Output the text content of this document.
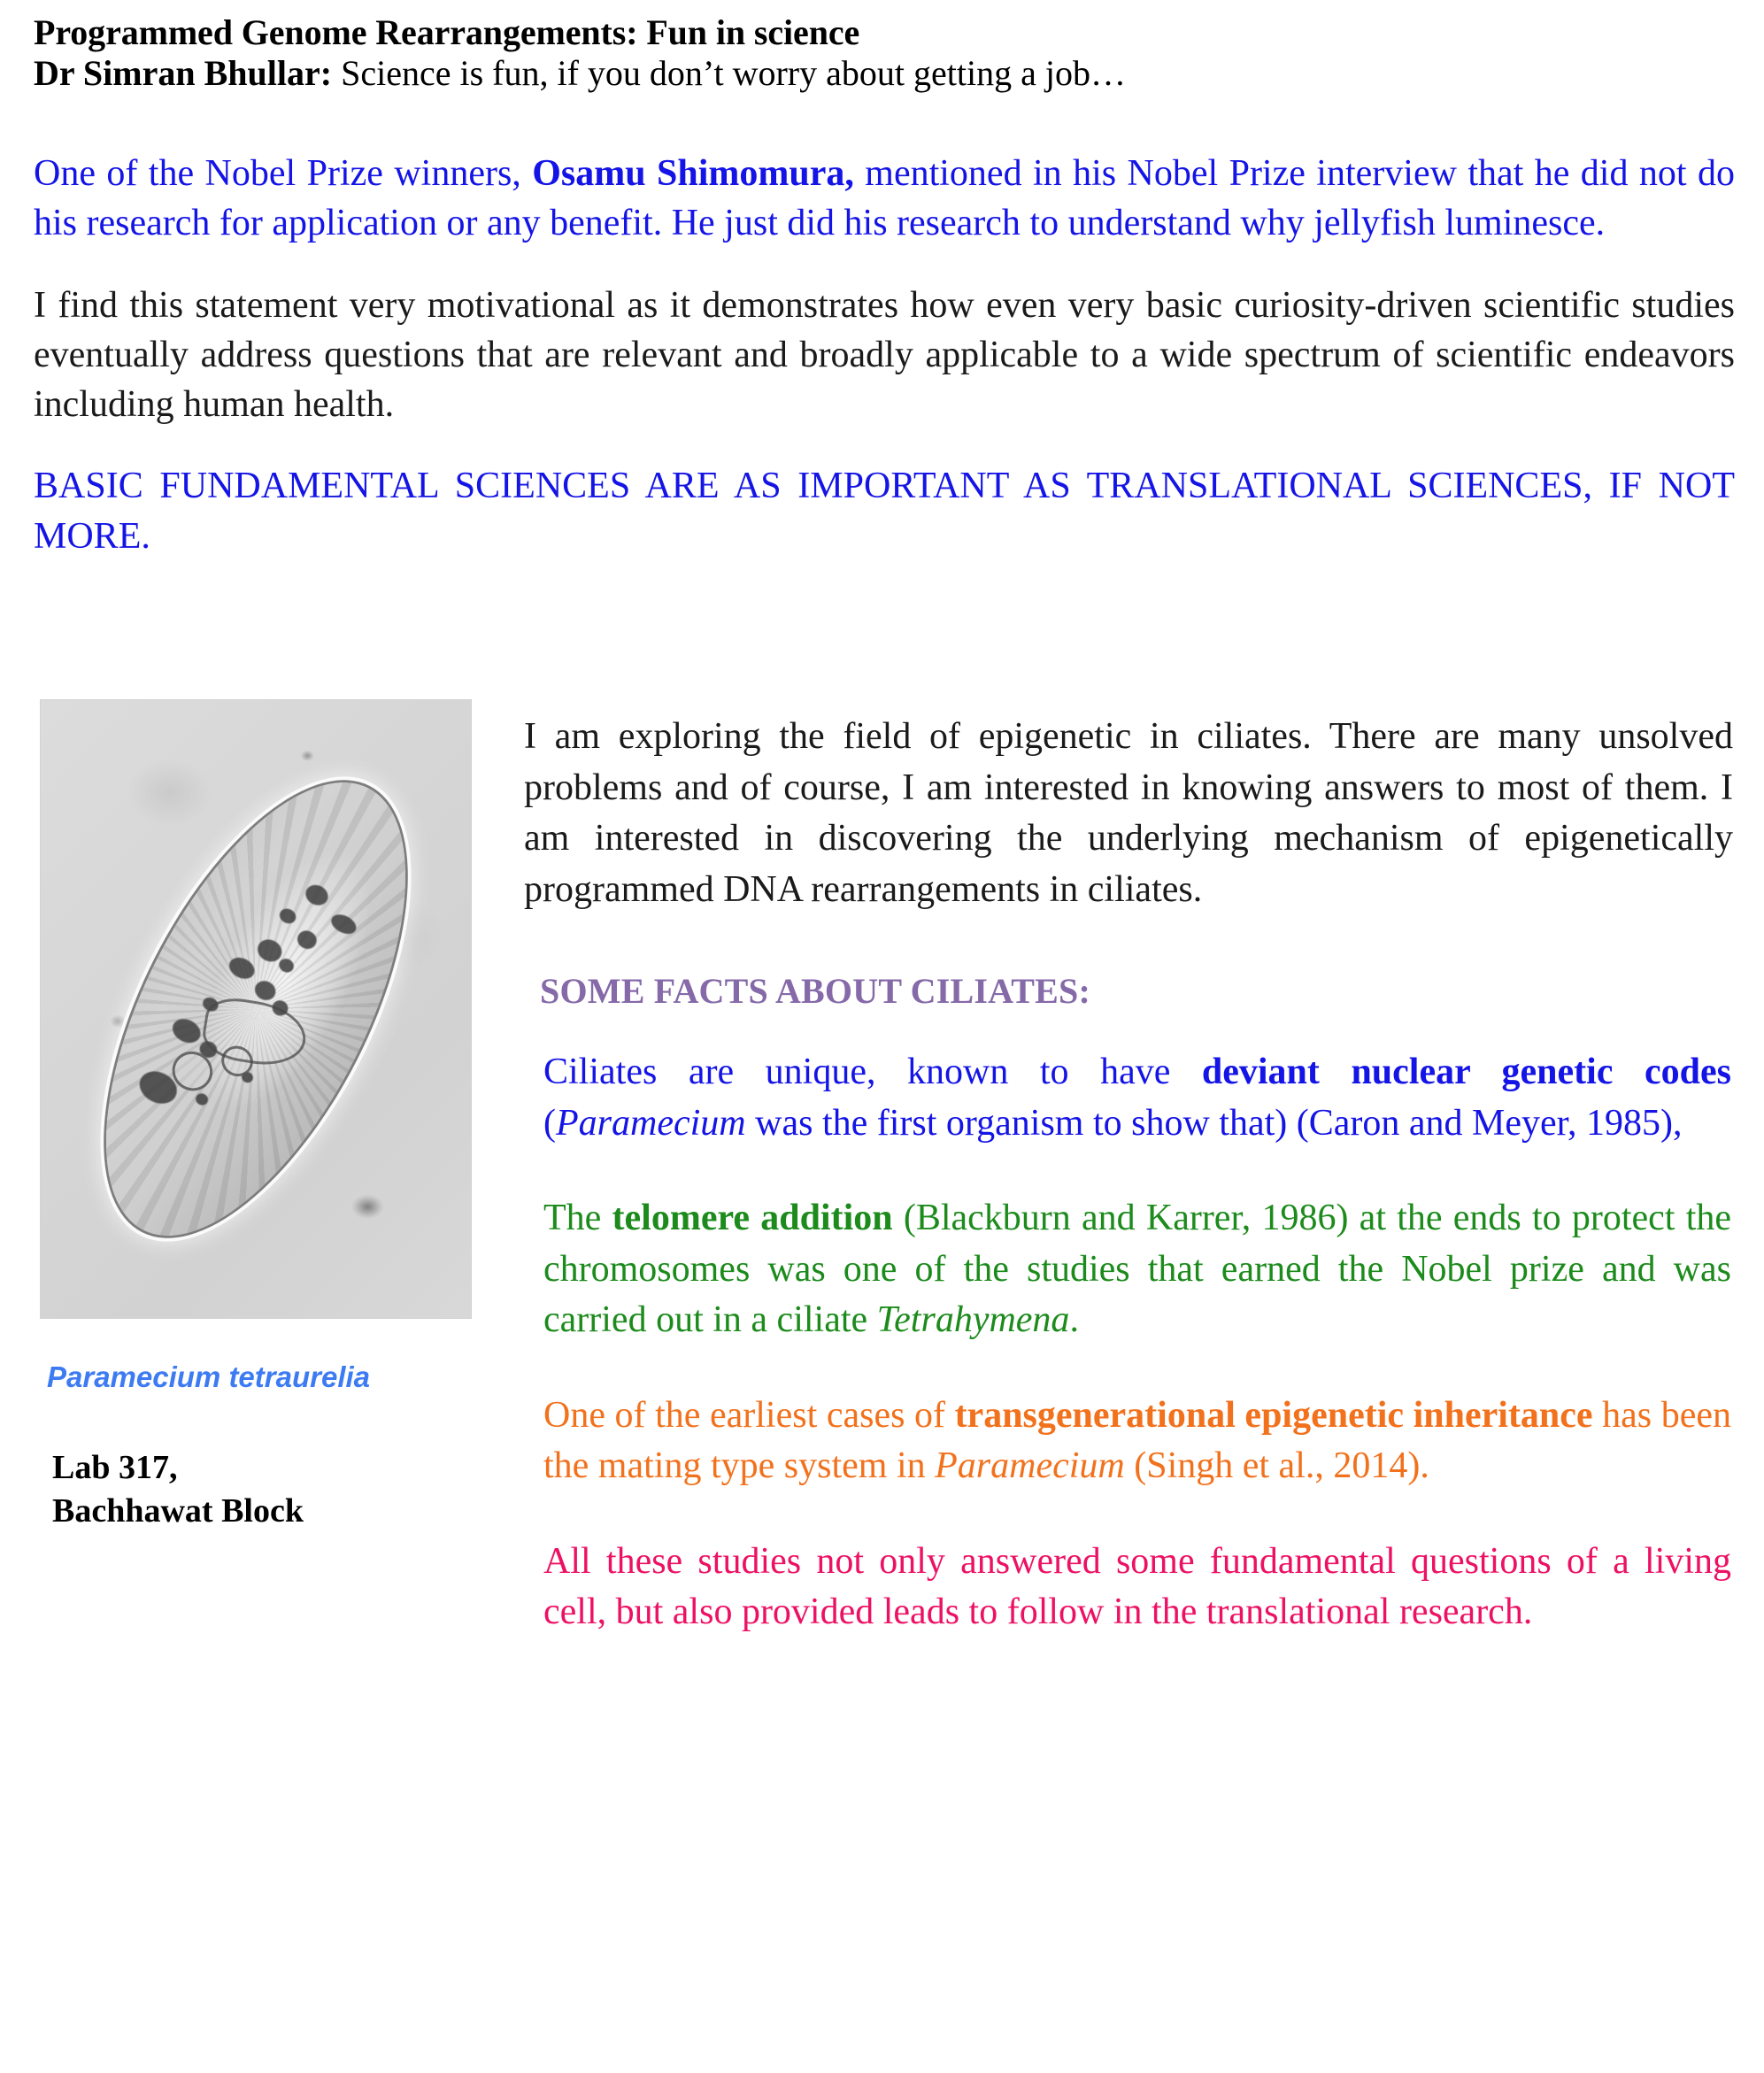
Programmed Genome Rearrangements: Fun in science
Dr Simran Bhullar: Science is fun, if you don’t worry about getting a job…

One of the Nobel Prize winners, Osamu Shimomura, mentioned in his Nobel Prize interview that he did not do his research for application or any benefit. He just did his research to understand why jellyfish luminesce.

I find this statement very motivational as it demonstrates how even very basic curiosity-driven scientific studies eventually address questions that are relevant and broadly applicable to a wide spectrum of scientific endeavors including human health.

BASIC FUNDAMENTAL SCIENCES ARE AS IMPORTANT AS TRANSLATIONAL SCIENCES, IF NOT MORE.

Paramecium tetraurelia
Lab 317,
Bachhawat Block

I am exploring the field of epigenetic in ciliates. There are many unsolved problems and of course, I am interested in knowing answers to most of them. I am interested in discovering the underlying mechanism of epigenetically programmed DNA rearrangements in ciliates.

SOME FACTS ABOUT CILIATES:

Ciliates are unique, known to have deviant nuclear genetic codes (Paramecium was the first organism to show that) (Caron and Meyer, 1985),

The telomere addition (Blackburn and Karrer, 1986) at the ends to protect the chromosomes was one of the studies that earned the Nobel prize and was carried out in a ciliate Tetrahymena.

One of the earliest cases of transgenerational epigenetic inheritance has been the mating type system in Paramecium (Singh et al., 2014).

All these studies not only answered some fundamental questions of a living cell, but also provided leads to follow in the translational research.
